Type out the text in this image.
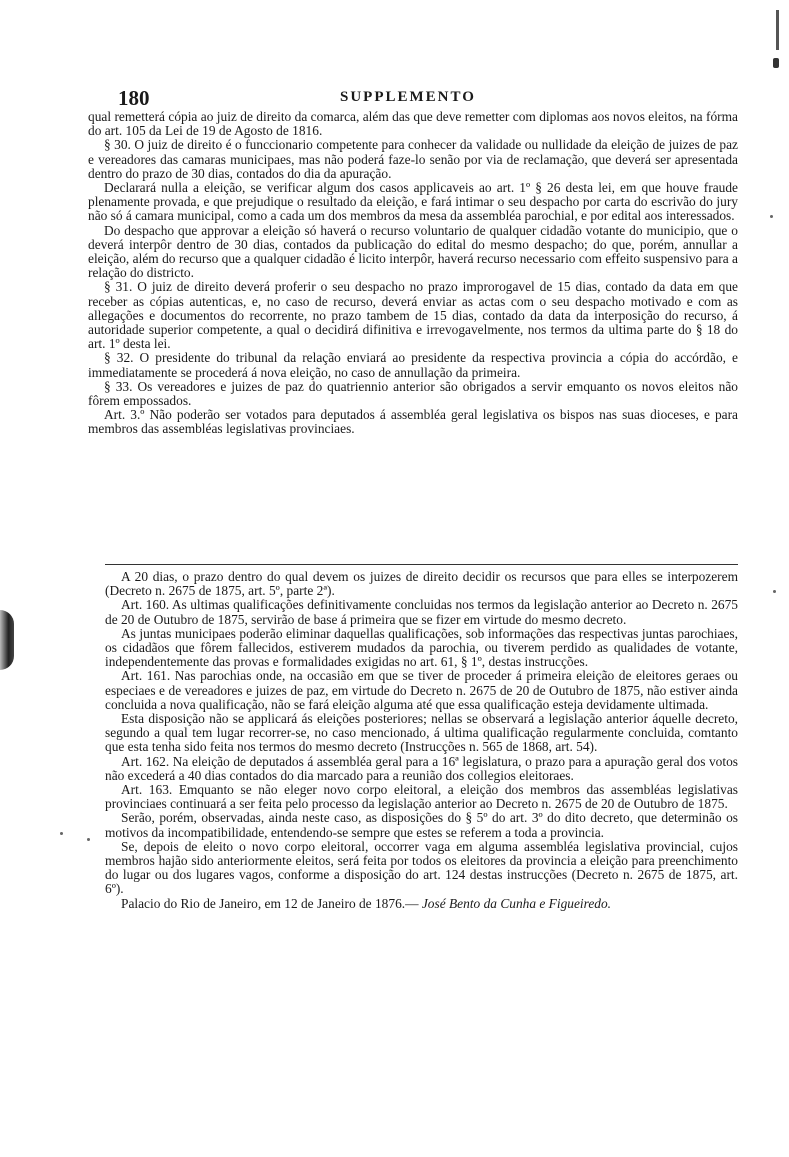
180	SUPPLEMENTO

qual remetterá cópia ao juiz de direito da comarca, além das que deve remetter com diplomas aos novos eleitos, na fórma do art. 105 da Lei de 19 de Agosto de 1816.

§ 30. O juiz de direito é o funccionario competente para conhecer da validade ou nullidade da eleição de juizes de paz e vereadores das camaras municipaes, mas não poderá faze-lo senão por via de reclamação, que deverá ser apresentada dentro do prazo de 30 dias, contados do dia da apuração.

Declarará nulla a eleição, se verificar algum dos casos applicaveis ao art. 1º § 26 desta lei, em que houve fraude plenamente provada, e que prejudique o resultado da eleição, e fará intimar o seu despacho por carta do escrivão do jury não só á camara municipal, como a cada um dos membros da mesa da assembléa parochial, e por edital aos interessados.

Do despacho que approvar a eleição só haverá o recurso voluntario de qualquer cidadão votante do municipio, que o deverá interpôr dentro de 30 dias, contados da publicação do edital do mesmo despacho; do que, porém, annullar a eleição, além do recurso que a qualquer cidadão é licito interpôr, haverá recurso necessario com effeito suspensivo para a relação do districto.

§ 31. O juiz de direito deverá proferir o seu despacho no prazo improrogavel de 15 dias, contado da data em que receber as cópias autenticas, e, no caso de recurso, deverá enviar as actas com o seu despacho motivado e com as allegações e documentos do recorrente, no prazo tambem de 15 dias, contado da data da interposição do recurso, á autoridade superior competente, a qual o decidirá difinitiva e irrevogavelmente, nos termos da ultima parte do § 18 do art. 1º desta lei.

§ 32. O presidente do tribunal da relação enviará ao presidente da respectiva provincia a cópia do accórdão, e immediatamente se procederá á nova eleição, no caso de annullação da primeira.

§ 33. Os vereadores e juizes de paz do quatriennio anterior são obrigados a servir emquanto os novos eleitos não fôrem empossados.

Art. 3.º Não poderão ser votados para deputados á assembléa geral legislativa os bispos nas suas dioceses, e para membros das assembléas legislativas provinciaes.

A 20 dias, o prazo dentro do qual devem os juizes de direito decidir os recursos que para elles se interpozerem (Decreto n. 2675 de 1875, art. 5º, parte 2ª).

Art. 160. As ultimas qualificações definitivamente concluidas nos termos da legislação anterior ao Decreto n. 2675 de 20 de Outubro de 1875, servirão de base á primeira que se fizer em virtude do mesmo decreto.

As juntas municipaes poderão eliminar daquellas qualificações, sob informações das respectivas juntas parochiaes, os cidadãos que fôrem fallecidos, estiverem mudados da parochia, ou tiverem perdido as qualidades de votante, independentemente das provas e formalidades exigidas no art. 61, § 1º, destas instrucções.

Art. 161. Nas parochias onde, na occasião em que se tiver de proceder á primeira eleição de eleitores geraes ou especiaes e de vereadores e juizes de paz, em virtude do Decreto n. 2675 de 20 de Outubro de 1875, não estiver ainda concluida a nova qualificação, não se fará eleição alguma até que essa qualificação esteja devidamente ultimada.

Esta disposição não se applicará ás eleições posteriores; nellas se observará a legislação anterior áquelle decreto, segundo a qual tem lugar recorrer-se, no caso mencionado, á ultima qualificação regularmente concluida, comtanto que esta tenha sido feita nos termos do mesmo decreto (Instrucções n. 565 de 1868, art. 54).

Art. 162. Na eleição de deputados á assembléa geral para a 16ª legislatura, o prazo para a apuração geral dos votos não excederá a 40 dias contados do dia marcado para a reunião dos collegios eleitoraes.

Art. 163. Emquanto se não eleger novo corpo eleitoral, a eleição dos membros das assembléas legislativas provinciaes continuará a ser feita pelo processo da legislação anterior ao Decreto n. 2675 de 20 de Outubro de 1875.

Serão, porém, observadas, ainda neste caso, as disposições do § 5º do art. 3º do dito decreto, que determinão os motivos da incompatibilidade, entendendo-se sempre que estes se referem a toda a provincia.

Se, depois de eleito o novo corpo eleitoral, occorrer vaga em alguma assembléa legislativa provincial, cujos membros hajão sido anteriormente eleitos, será feita por todos os eleitores da provincia a eleição para preenchimento do lugar ou dos lugares vagos, conforme a disposição do art. 124 destas instrucções (Decreto n. 2675 de 1875, art. 6º).

Palacio do Rio de Janeiro, em 12 de Janeiro de 1876.— José Bento da Cunha e Figueiredo.
